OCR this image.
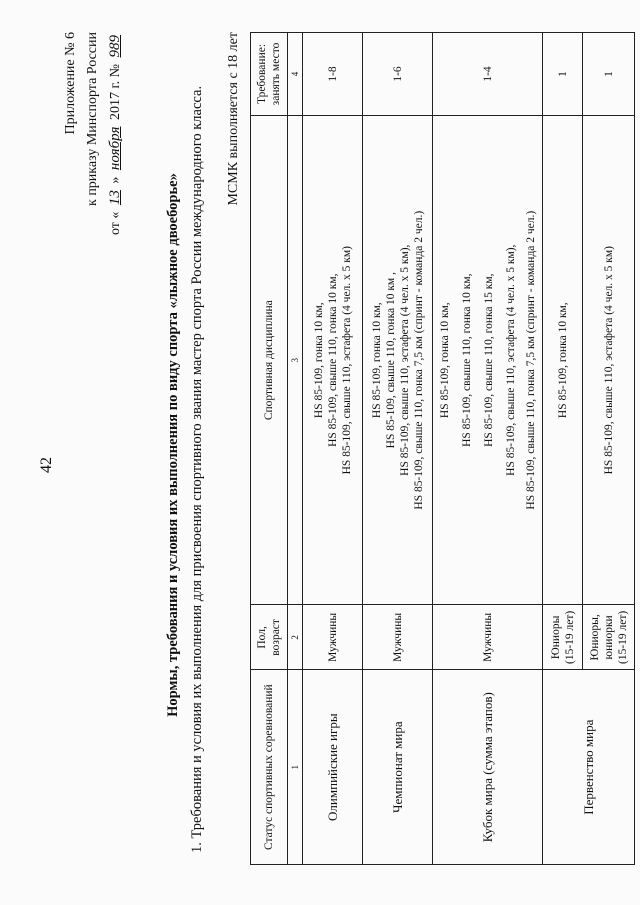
42
Приложение № 6 к приказу Минспорта России
от « 13 » ноября 2017 г. № 989
Нормы, требования и условия их выполнения по виду спорта «лыжное двоеборье» 1. Требования и условия их выполнения для присвоения спортивного звания мастер спорта России международного класса. МСМК выполняется с 18 лет
Статус спортивных соревнований	Пол, возраст	Спортивная дисциплина	Требование: занять место
1	2	3	4
Олимпийские игры	Мужчины	HS 85-109, гонка 10 км, HS 85-109, свыше 110, гонка 10 км, HS 85-109, свыше 110, эстафета (4 чел. х 5 км)	1-8
Чемпионат мира	Мужчины	HS 85-109, гонка 10 км, HS 85-109, свыше 110, гонка 10 км , HS 85-109, свыше 110, эстафета (4 чел. х 5 км), HS 85-109, свыше 110, гонка 7,5 км (спринт - команда 2 чел.)	1-6
Кубок мира (сумма этапов)	Мужчины	HS 85-109, гонка 10 км, HS 85-109, свыше 110, гонка 10 км, HS 85-109, свыше 110, гонка 15 км, HS 85-109, свыше 110, эстафета (4 чел. х 5 км), HS 85-109, свыше 110, гонка 7,5 км (спринт - команда 2 чел.)	1-4
Первенство мира	Юниоры (15-19 лет)	HS 85-109, гонка 10 км,	1
	Юниоры, юниорки (15-19 лет)	HS 85-109, свыше 110, эстафета (4 чел. х 5 км)	1
